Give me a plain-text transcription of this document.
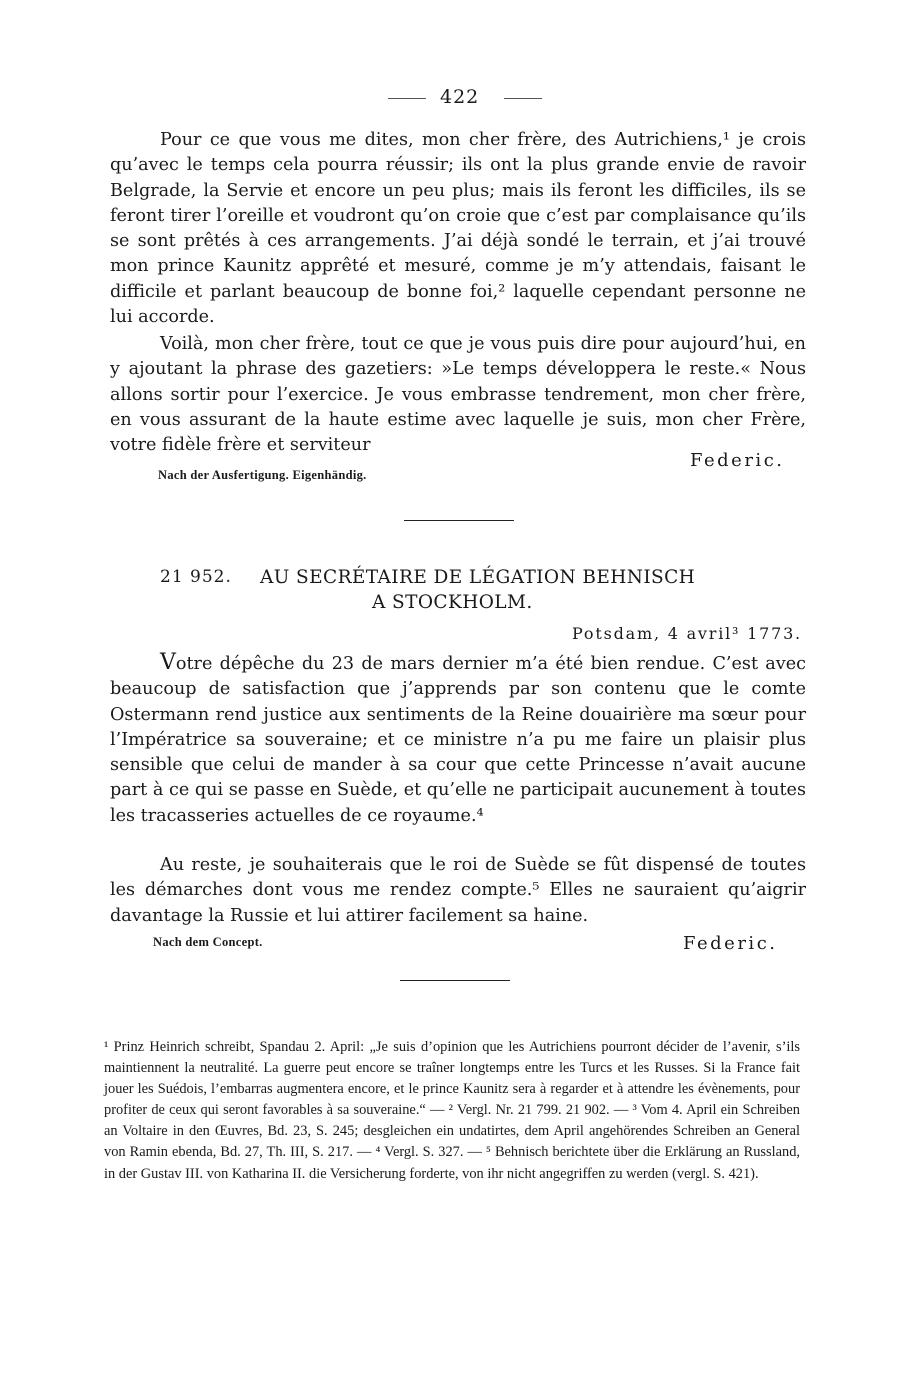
422

Pour ce que vous me dites, mon cher frère, des Autrichiens,¹ je crois qu’avec le temps cela pourra réussir; ils ont la plus grande envie de ravoir Belgrade, la Servie et encore un peu plus; mais ils feront les difficiles, ils se feront tirer l’oreille et voudront qu’on croie que c’est par complaisance qu’ils se sont prêtés à ces arrangements. J’ai déjà sondé le terrain, et j’ai trouvé mon prince Kaunitz apprêté et mesuré, comme je m’y attendais, faisant le difficile et parlant beaucoup de bonne foi,² laquelle cependant personne ne lui accorde.

Voilà, mon cher frère, tout ce que je vous puis dire pour aujourd’hui, en y ajoutant la phrase des gazetiers: »Le temps développera le reste.« Nous allons sortir pour l’exercice. Je vous embrasse tendrement, mon cher frère, en vous assurant de la haute estime avec laquelle je suis, mon cher Frère, votre fidèle frère et serviteur

Federic.
Nach der Ausfertigung. Eigenhändig.
21 952. AU SECRÉTAIRE DE LÉGATION BEHNISCH
A STOCKHOLM.
Potsdam, 4 avril³ 1773.

Votre dépêche du 23 de mars dernier m’a été bien rendue. C’est avec beaucoup de satisfaction que j’apprends par son contenu que le comte Ostermann rend justice aux sentiments de la Reine douairière ma sœur pour l’Impératrice sa souveraine; et ce ministre n’a pu me faire un plaisir plus sensible que celui de mander à sa cour que cette Princesse n’avait aucune part à ce qui se passe en Suède, et qu’elle ne participait aucunement à toutes les tracasseries actuelles de ce royaume.⁴

Au reste, je souhaiterais que le roi de Suède se fût dispensé de toutes les démarches dont vous me rendez compte.⁵ Elles ne sauraient qu’aigrir davantage la Russie et lui attirer facilement sa haine.

Nach dem Concept.	Federic.

¹ Prinz Heinrich schreibt, Spandau 2. April: „Je suis d’opinion que les Autrichiens pourront décider de l’avenir, s’ils maintiennent la neutralité. La guerre peut encore se traîner longtemps entre les Turcs et les Russes. Si la France fait jouer les Suédois, l’embarras augmentera encore, et le prince Kaunitz sera à regarder et à attendre les évènements, pour profiter de ceux qui seront favorables à sa souveraine.“ — ² Vergl. Nr. 21 799. 21 902. — ³ Vom 4. April ein Schreiben an Voltaire in den Œuvres, Bd. 23, S. 245; desgleichen ein undatirtes, dem April angehörendes Schreiben an General von Ramin ebenda, Bd. 27, Th. III, S. 217. — ⁴ Vergl. S. 327. — ⁵ Behnisch berichtete über die Erklärung an Russland, in der Gustav III. von Katharina II. die Versicherung forderte, von ihr nicht angegriffen zu werden (vergl. S. 421).
